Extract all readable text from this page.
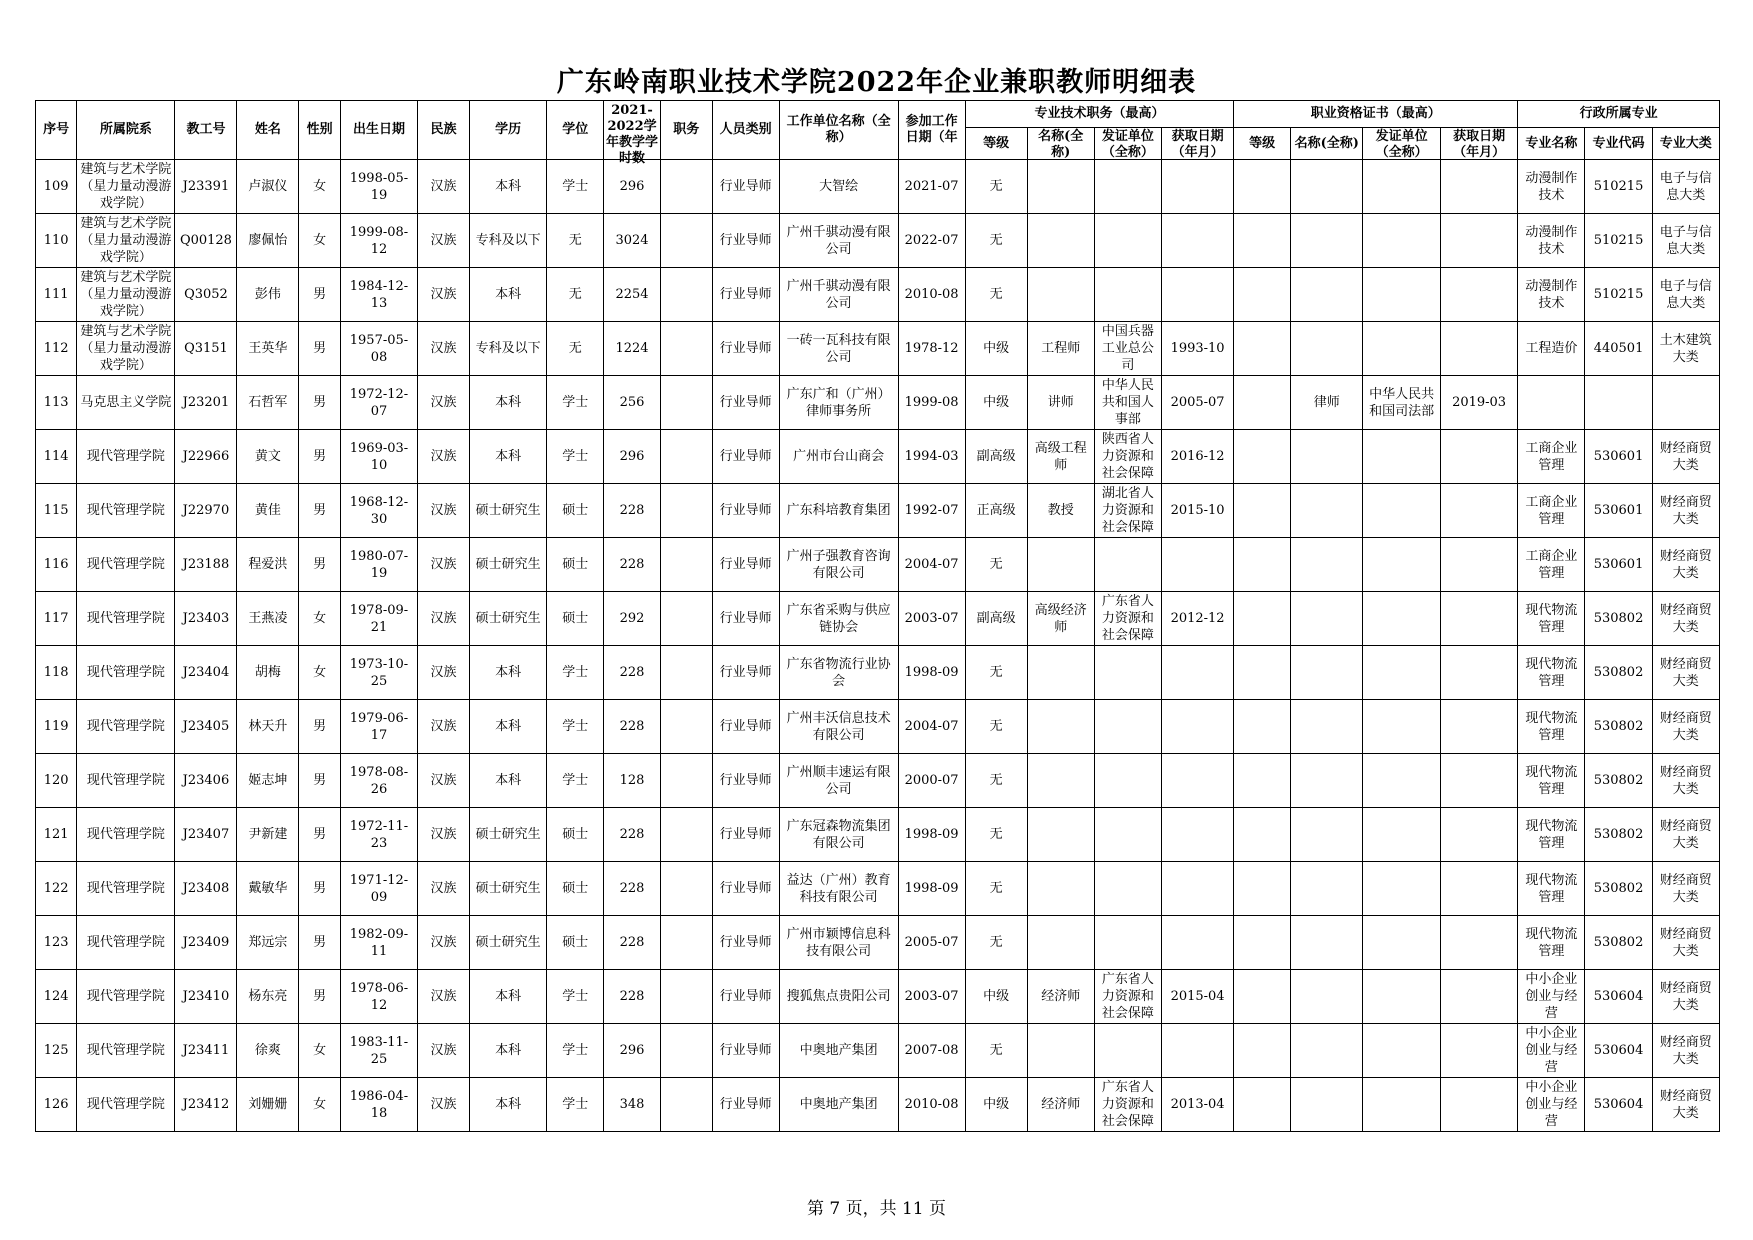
广东岭南职业技术学院2022年企业兼职教师明细表
序号	所属院系	教工号	姓名	性别	出生日期	民族	学历	学位	2021-2022学年教学学时数	职务	人员类别	工作单位名称（全称）	参加工作日期（年	专业技术职务（最高）				职业资格证书（最高）				行政所属专业		
														等级	名称(全称)	发证单位（全称）	获取日期（年月）	等级	名称(全称)	发证单位（全称）	获取日期（年月）	专业名称	专业代码	专业大类

109	建筑与艺术学院（星力量动漫游戏学院）	J23391	卢淑仪	女	1998-05-19	汉族	本科	学士	296		行业导师	大智绘	2021-07	无								动漫制作技术	510215	电子与信息大类

110	建筑与艺术学院（星力量动漫游戏学院）	Q00128	廖佩怡	女	1999-08-12	汉族	专科及以下	无	3024		行业导师	广州千骐动漫有限公司	2022-07	无								动漫制作技术	510215	电子与信息大类

111	建筑与艺术学院（星力量动漫游戏学院）	Q3052	彭伟	男	1984-12-13	汉族	本科	无	2254		行业导师	广州千骐动漫有限公司	2010-08	无								动漫制作技术	510215	电子与信息大类

112	建筑与艺术学院（星力量动漫游戏学院）	Q3151	王英华	男	1957-05-08	汉族	专科及以下	无	1224		行业导师	一砖一瓦科技有限公司	1978-12	中级	工程师	中国兵器工业总公司	1993-10					工程造价	440501	土木建筑大类

113	马克思主义学院	J23201	石哲军	男	1972-12-07	汉族	本科	学士	256		行业导师	广东广和（广州）律师事务所	1999-08	中级	讲师	中华人民共和国人事部	2005-07		律师	中华人民共和国司法部	2019-03			

114	现代管理学院	J22966	黄文	男	1969-03-10	汉族	本科	学士	296		行业导师	广州市台山商会	1994-03	副高级	高级工程师	陕西省人力资源和社会保障	2016-12					工商企业管理	530601	财经商贸大类

115	现代管理学院	J22970	黄佳	男	1968-12-30	汉族	硕士研究生	硕士	228		行业导师	广东科培教育集团	1992-07	正高级	教授	湖北省人力资源和社会保障	2015-10					工商企业管理	530601	财经商贸大类

116	现代管理学院	J23188	程爱洪	男	1980-07-19	汉族	硕士研究生	硕士	228		行业导师	广州子强教育咨询有限公司	2004-07	无								工商企业管理	530601	财经商贸大类

117	现代管理学院	J23403	王燕凌	女	1978-09-21	汉族	硕士研究生	硕士	292		行业导师	广东省采购与供应链协会	2003-07	副高级	高级经济师	广东省人力资源和社会保障	2012-12					现代物流管理	530802	财经商贸大类

118	现代管理学院	J23404	胡梅	女	1973-10-25	汉族	本科	学士	228		行业导师	广东省物流行业协会	1998-09	无								现代物流管理	530802	财经商贸大类

119	现代管理学院	J23405	林天升	男	1979-06-17	汉族	本科	学士	228		行业导师	广州丰沃信息技术有限公司	2004-07	无								现代物流管理	530802	财经商贸大类

120	现代管理学院	J23406	姬志坤	男	1978-08-26	汉族	本科	学士	128		行业导师	广州顺丰速运有限公司	2000-07	无								现代物流管理	530802	财经商贸大类

121	现代管理学院	J23407	尹新建	男	1972-11-23	汉族	硕士研究生	硕士	228		行业导师	广东冠森物流集团有限公司	1998-09	无								现代物流管理	530802	财经商贸大类

122	现代管理学院	J23408	戴敏华	男	1971-12-09	汉族	硕士研究生	硕士	228		行业导师	益达（广州）教育科技有限公司	1998-09	无								现代物流管理	530802	财经商贸大类

123	现代管理学院	J23409	郑远宗	男	1982-09-11	汉族	硕士研究生	硕士	228		行业导师	广州市颖博信息科技有限公司	2005-07	无								现代物流管理	530802	财经商贸大类

124	现代管理学院	J23410	杨东亮	男	1978-06-12	汉族	本科	学士	228		行业导师	搜狐焦点贵阳公司	2003-07	中级	经济师	广东省人力资源和社会保障	2015-04					中小企业创业与经营	530604	财经商贸大类

125	现代管理学院	J23411	徐爽	女	1983-11-25	汉族	本科	学士	296		行业导师	中奥地产集团	2007-08	无								中小企业创业与经营	530604	财经商贸大类

126	现代管理学院	J23412	刘姗姗	女	1986-04-18	汉族	本科	学士	348		行业导师	中奥地产集团	2010-08	中级	经济师	广东省人力资源和社会保障	2013-04					中小企业创业与经营	530604	财经商贸大类
第 7 页，共 11 页
